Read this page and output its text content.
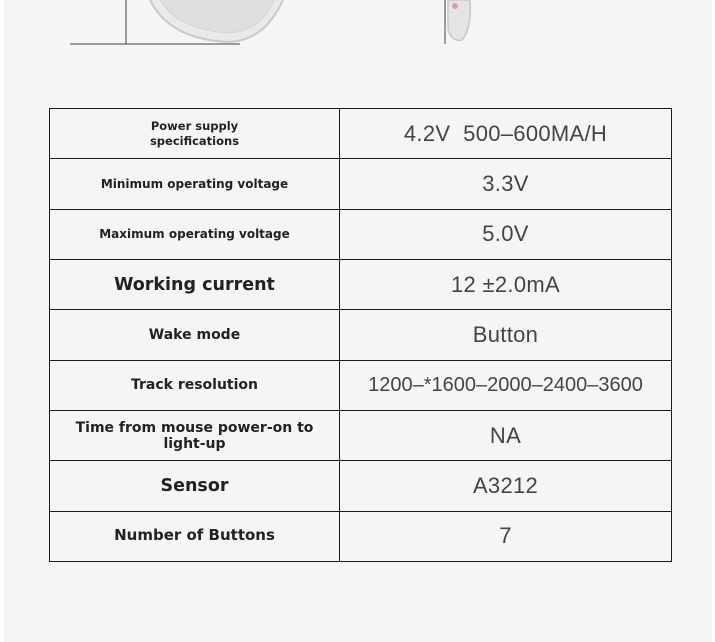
Power supply specifications	4.2V  500–600MA/H
Minimum operating voltage	3.3V
Maximum operating voltage	5.0V
Working current	12 ±2.0mA
Wake mode	Button
Track resolution	1200–*1600–2000–2400–3600

Time from mouse power-on to light-up	NA
Sensor	A3212
Number of Buttons	7
